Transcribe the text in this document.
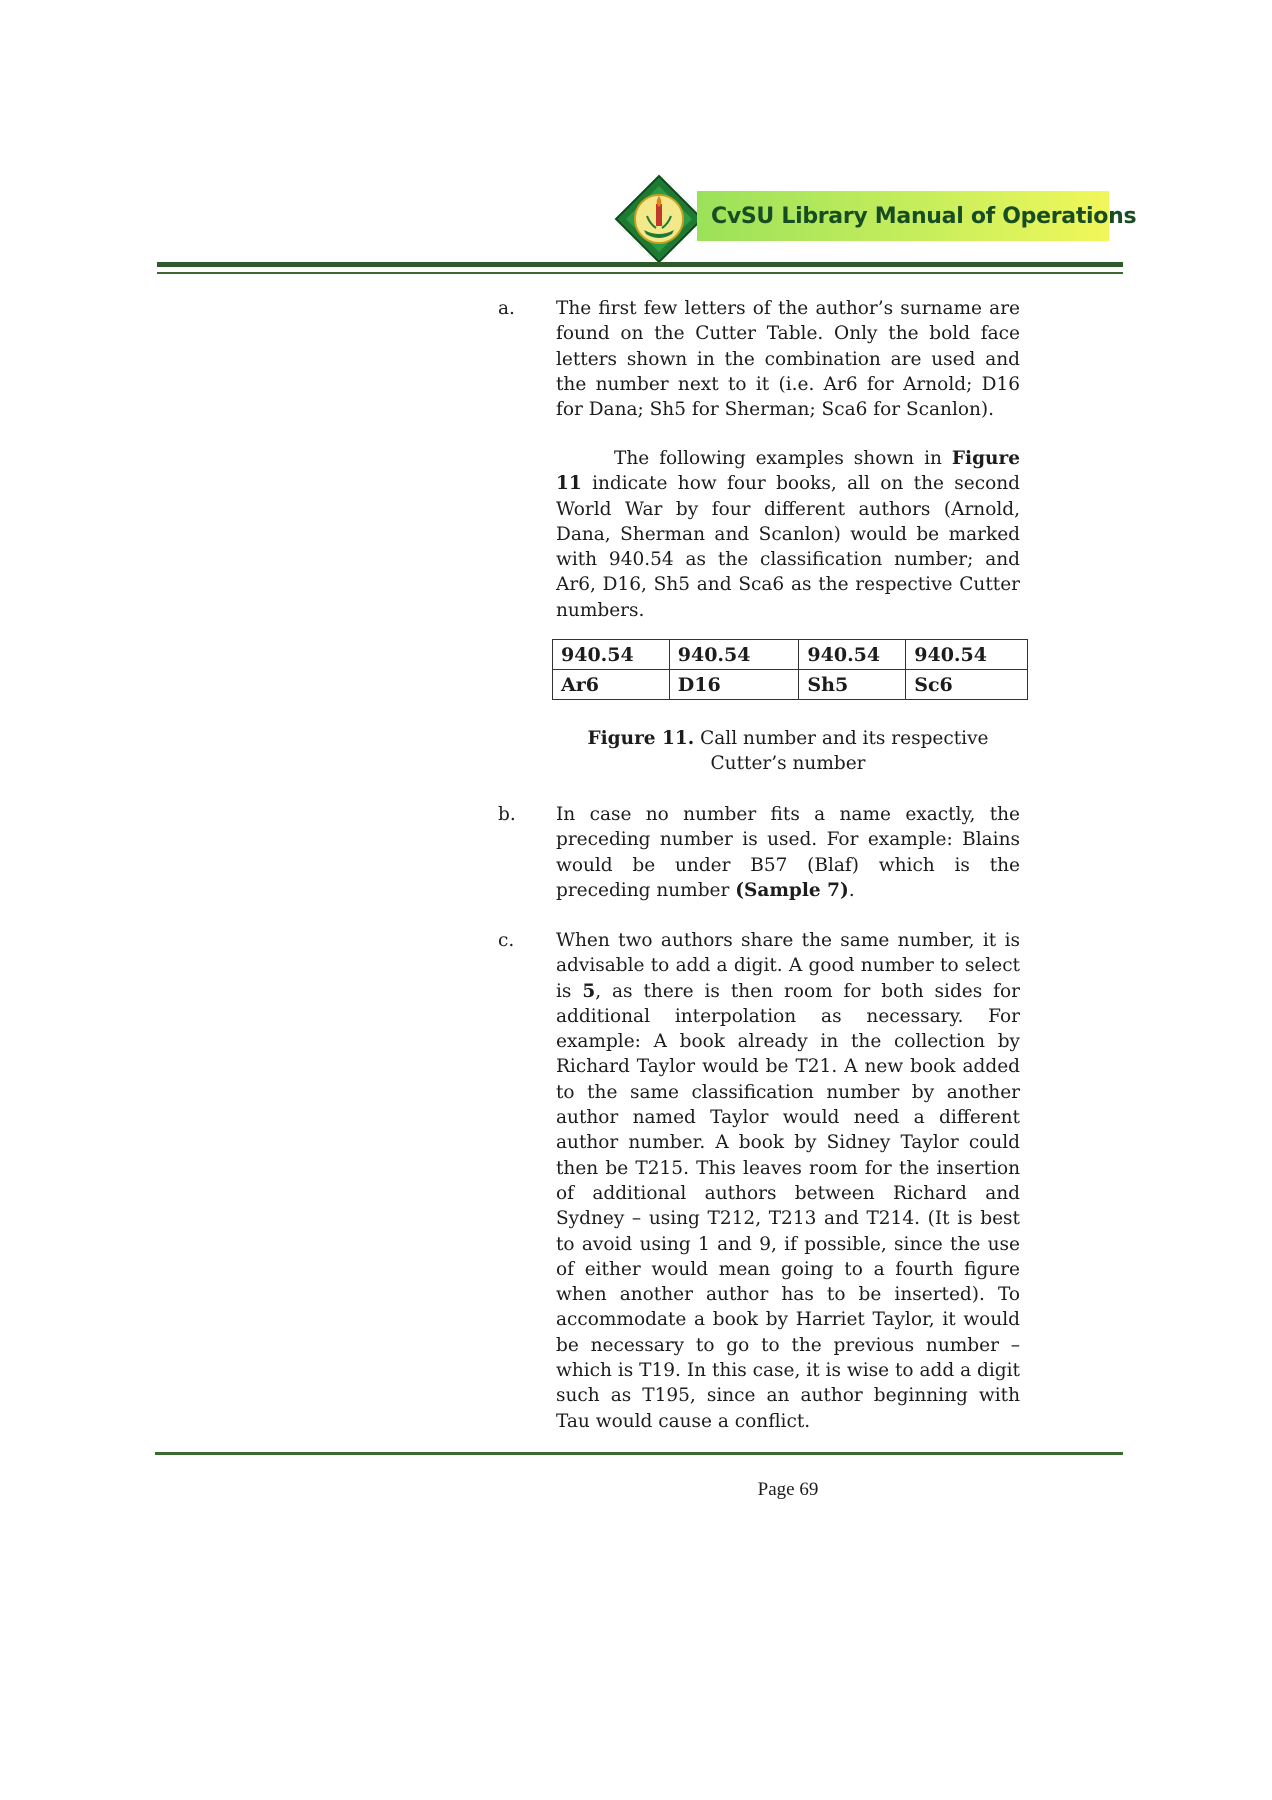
CvSU Library Manual of Operations
a. The first few letters of the author’s surname are found on the Cutter Table. Only the bold face letters shown in the combination are used and the number next to it (i.e. Ar6 for Arnold; D16 for Dana; Sh5 for Sherman; Sca6 for Scanlon).
The following examples shown in Figure 11 indicate how four books, all on the second World War by four different authors (Arnold, Dana, Sherman and Scanlon) would be marked with 940.54 as the classification number; and Ar6, D16, Sh5 and Sca6 as the respective Cutter numbers.
940.54	940.54	940.54	940.54
Ar6	D16	Sh5	Sc6
Figure 11. Call number and its respective
Cutter’s number
b. In case no number fits a name exactly, the preceding number is used. For example: Blains would be under B57 (Blaf) which is the preceding number (Sample 7).
c. When two authors share the same number, it is advisable to add a digit. A good number to select is 5, as there is then room for both sides for additional interpolation as necessary. For example: A book already in the collection by Richard Taylor would be T21. A new book added to the same classification number by another author named Taylor would need a different author number. A book by Sidney Taylor could then be T215. This leaves room for the insertion of additional authors between Richard and Sydney – using T212, T213 and T214. (It is best to avoid using 1 and 9, if possible, since the use of either would mean going to a fourth figure when another author has to be inserted). To accommodate a book by Harriet Taylor, it would be necessary to go to the previous number – which is T19. In this case, it is wise to add a digit such as T195, since an author beginning with Tau would cause a conflict.
Page 69
